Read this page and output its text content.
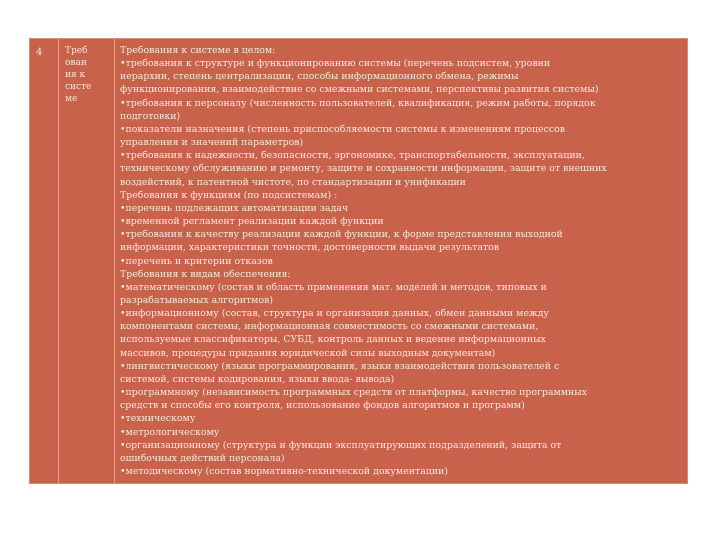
4	Треб
ован
ия к
систе
ме
Требования к системе в целом:
•требования к структуре и функционированию системы (перечень подсистем, уровни
иерархии, степень централизации, способы информационного обмена, режимы
функционирования, взаимодействие со смежными системами, перспективы развития системы)
•требования к персоналу (численность пользователей, квалификация, режим работы, порядок
подготовки)
•показатели назначения (степень приспособляемости системы к изменениям процессов
управления и значений параметров)
•требования к надежности, безопасности, эргономике, транспортабельности, эксплуатации,
техническому обслуживанию и ремонту, защите и сохранности информации, защите от внешних
воздействий, к патентной чистоте, по стандартизации и унификации
Требования к функциям (по подсистемам) :
•перечень подлежащих автоматизации задач
•временной регламент реализации каждой функции
•требования к качеству реализации каждой функции, к форме представления выходной
информации, характеристики точности, достоверности выдачи результатов
•перечень и критерии отказов
Требования к видам обеспечения:
•математическому (состав и область применения мат. моделей и методов, типовых и
разрабатываемых алгоритмов)
•информационному (состав, структура и организация данных, обмен данными между
компонентами системы, информационная совместимость со смежными системами,
используемые классификаторы, СУБД, контроль данных и ведение информационных
массивов, процедуры придания юридической силы выходным документам)
•лингвистическому (языки программирования, языки взаимодействия пользователей с
системой, системы кодирования, языки ввода- вывода)
•программному (независимость программных средств от платформы, качество программных
средств и способы его контроля, использование фондов алгоритмов и программ)
•техническому
•метрологическому
•организационному (структура и функции эксплуатирующих подразделений, защита от
ошибочных действий персонала)
•методическому (состав нормативно-технической документации)
